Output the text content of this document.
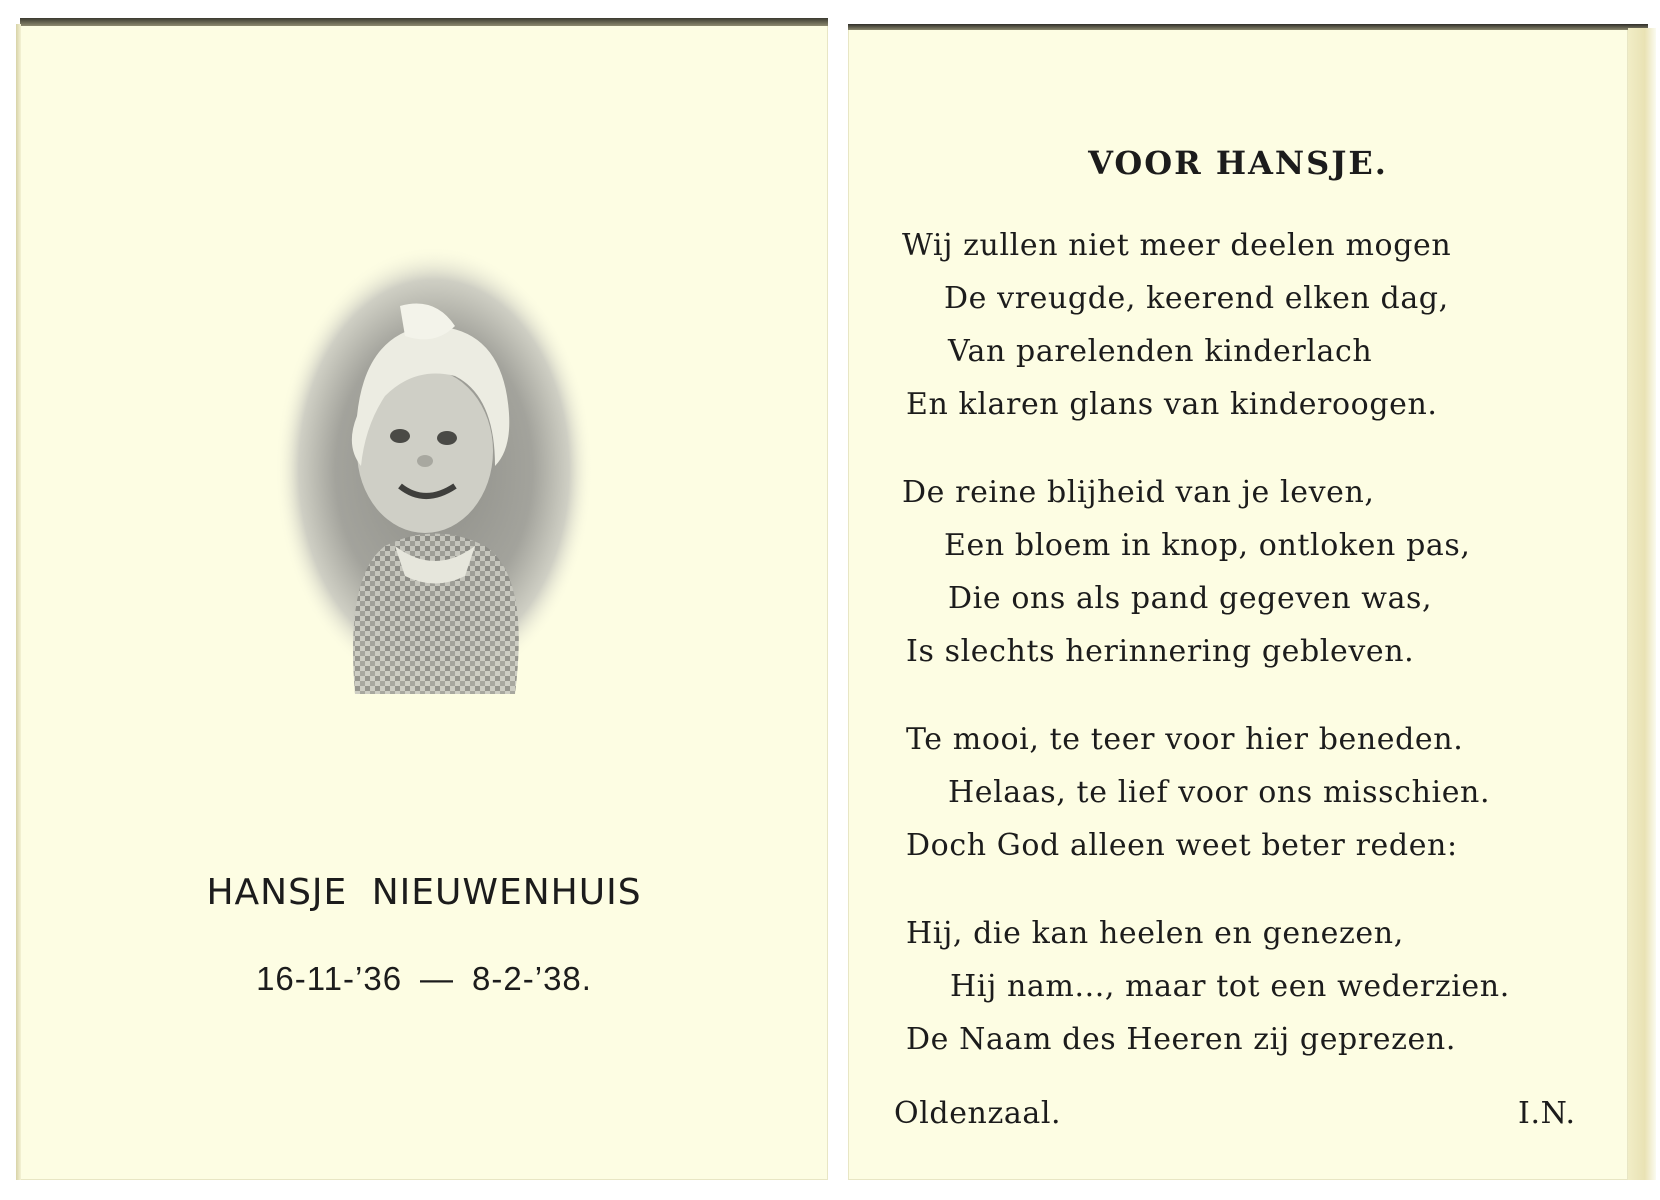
HANSJE NIEUWENHUIS
16-11-’36 — 8-2-’38.
VOOR HANSJE.
Wij zullen niet meer deelen mogen
De vreugde, keerend elken dag,
Van parelenden kinderlach
En klaren glans van kinderoogen.
De reine blijheid van je leven,
Een bloem in knop, ontloken pas,
Die ons als pand gegeven was,
Is slechts herinnering gebleven.
Te mooi, te teer voor hier beneden.
Helaas, te lief voor ons misschien.
Doch God alleen weet beter reden:
Hij, die kan heelen en genezen,
Hij nam..., maar tot een wederzien.
De Naam des Heeren zij geprezen.
Oldenzaal.	I.N.
